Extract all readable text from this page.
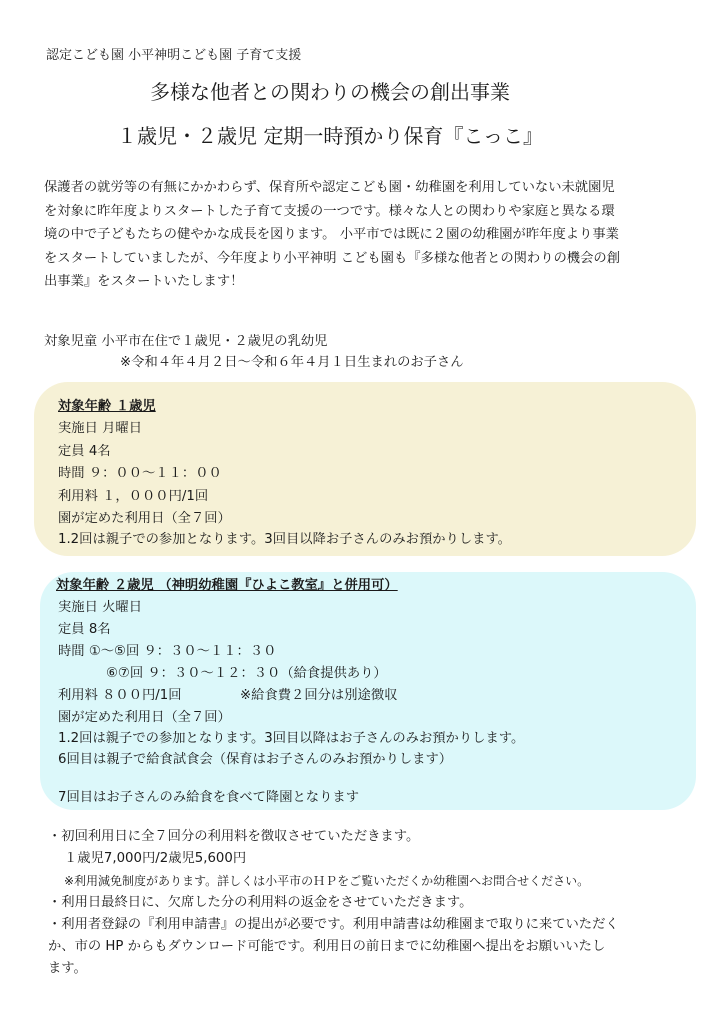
認定こども園 小平神明こども園 子育て支援
多様な他者との関わりの機会の創出事業
１歳児・２歳児 定期一時預かり保育『こっこ』
保護者の就労等の有無にかかわらず、保育所や認定こども園・幼稚園を利用していない未就園児
を対象に昨年度よりスタートした子育て支援の一つです。様々な人との関わりや家庭と異なる環
境の中で子どもたちの健やかな成長を図ります。 小平市では既に２園の幼稚園が昨年度より事業
をスタートしていましたが、今年度より小平神明 こども園も『多様な他者との関わりの機会の創
出事業』をスタートいたします！
対象児童 小平市在住で１歳児・２歳児の乳幼児
※令和４年４月２日～令和６年４月１日生まれのお子さん
対象年齢 １歳児
実施日 月曜日
定員 4名
時間 ９：００～１１：００
利用料 １，０００円/1回
園が定めた利用日（全７回）
1.2回は親子での参加となります。3回目以降お子さんのみお預かりします。
対象年齢 ２歳児 （神明幼稚園『ひよこ教室』と併用可）
実施日 火曜日
定員 8名
時間 ①～⑤回 ９：３０～１１：３０
⑥⑦回 ９：３０～１２：３０（給食提供あり）
利用料 ８００円/1回	※給食費２回分は別途徴収
園が定めた利用日（全７回）
1.2回は親子での参加となります。3回目以降はお子さんのみお預かりします。
6回目は親子で給食試食会（保育はお子さんのみお預かりします）
7回目はお子さんのみ給食を食べて降園となります
・初回利用日に全７回分の利用料を徴収させていただきます。
１歳児7,000円/2歳児5,600円
※利用減免制度があります。詳しくは小平市のＨＰをご覧いただくか幼稚園へお問合せください。
・利用日最終日に、欠席した分の利用料の返金をさせていただきます。
・利用者登録の『利用申請書』の提出が必要です。利用申請書は幼稚園まで取りに来ていただく
か、市の HP からもダウンロード可能です。利用日の前日までに幼稚園へ提出をお願いいたし
ます。
